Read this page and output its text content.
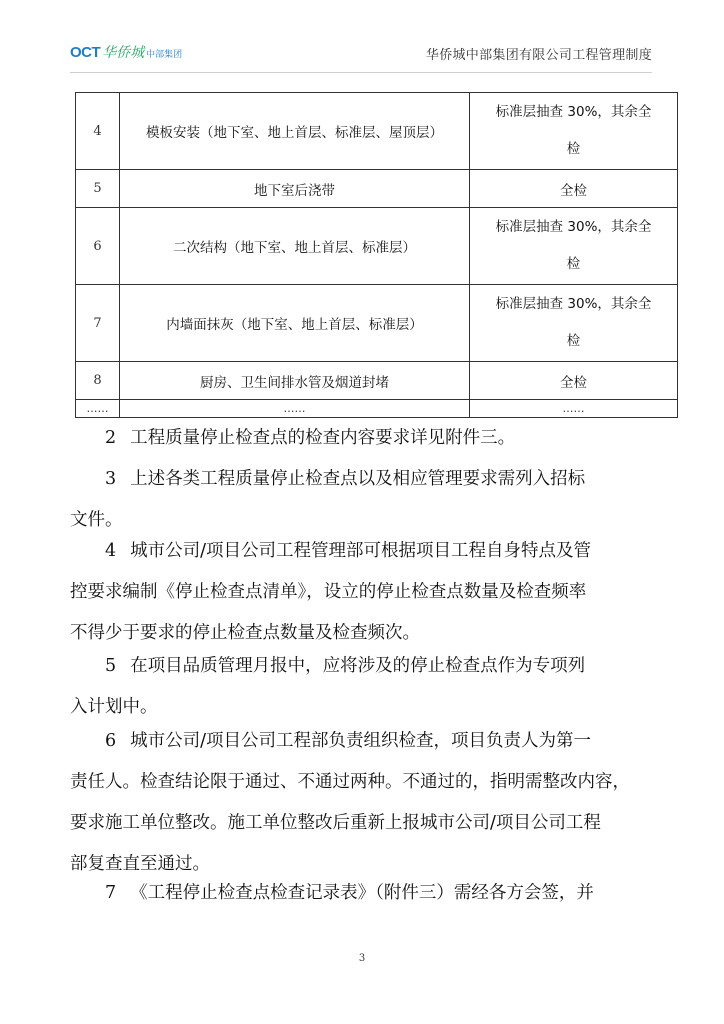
OCT 华侨城 中部集团	华侨城中部集团有限公司工程管理制度
4	模板安装（地下室、地上首层、标准层、屋顶层）	标准层抽查 30%，其余全
检
5	地下室后浇带	全检
6	二次结构（地下室、地上首层、标准层）	标准层抽查 30%，其余全
检
7	内墙面抹灰（地下室、地上首层、标准层）	标准层抽查 30%，其余全
检
8	厨房、卫生间排水管及烟道封堵	全检
……	……	……
2 工程质量停止检查点的检查内容要求详见附件三。
3 上述各类工程质量停止检查点以及相应管理要求需列入招标
文件。
4 城市公司/项目公司工程管理部可根据项目工程自身特点及管
控要求编制《停止检查点清单》，设立的停止检查点数量及检查频率
不得少于要求的停止检查点数量及检查频次。
5 在项目品质管理月报中，应将涉及的停止检查点作为专项列
入计划中。
6 城市公司/项目公司工程部负责组织检查，项目负责人为第一
责任人。检查结论限于通过、不通过两种。不通过的，指明需整改内容，
要求施工单位整改。施工单位整改后重新上报城市公司/项目公司工程
部复查直至通过。
7 《工程停止检查点检查记录表》（附件三）需经各方会签，并
3
